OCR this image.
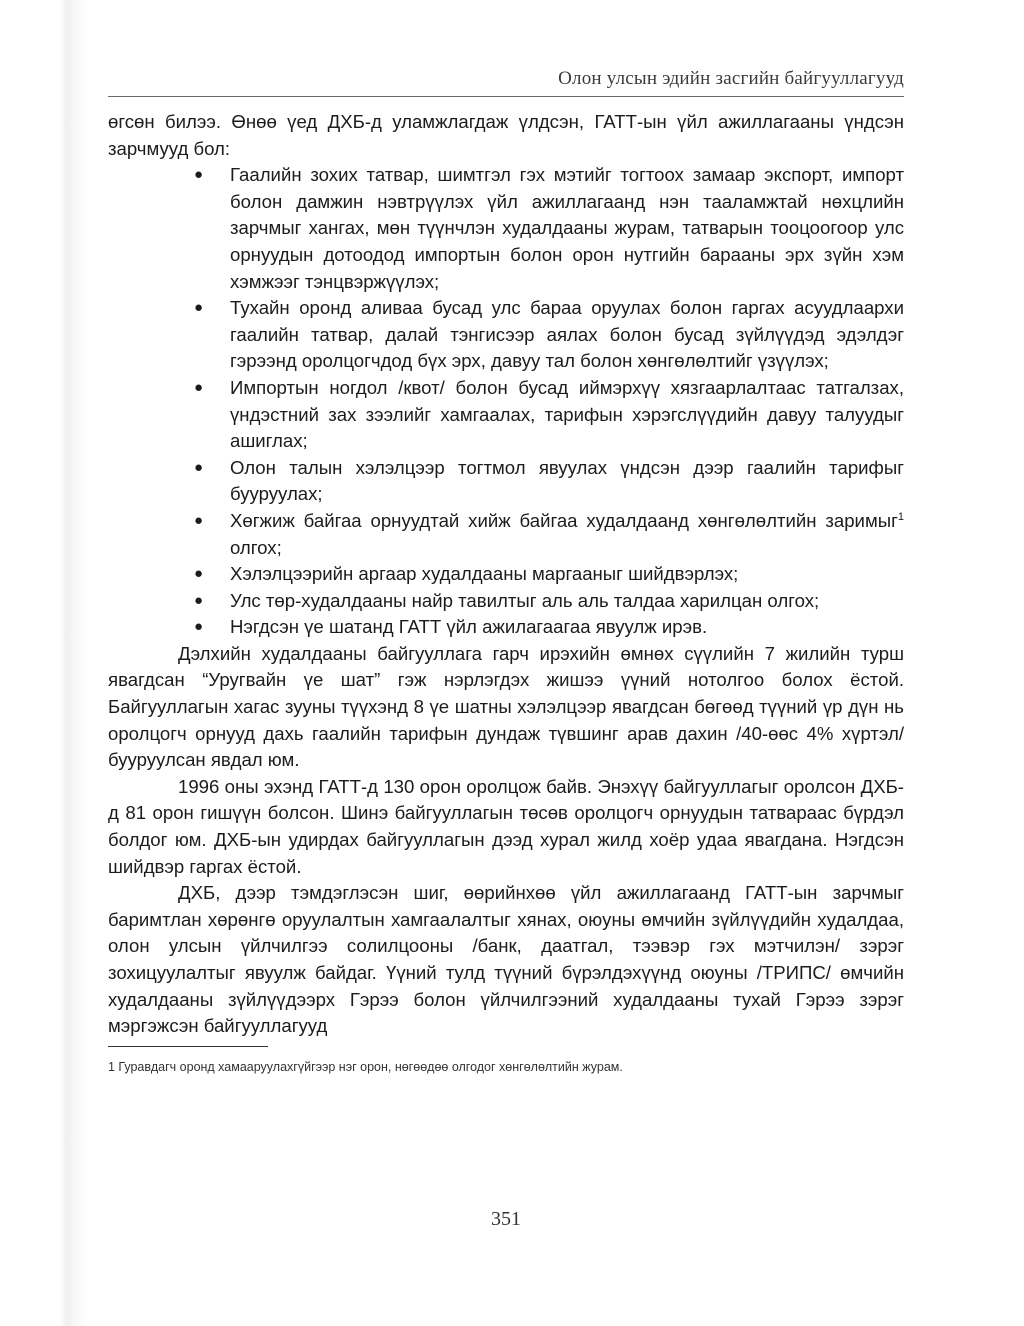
Олон улсын эдийн засгийн байгууллагууд

өгсөн билээ. Өнөө үед ДХБ-д уламжлагдаж үлдсэн, ГАТТ-ын үйл ажиллагааны үндсэн зарчмууд бол:

● Гаалийн зохих татвар, шимтгэл гэх мэтийг тогтоох замаар экспорт, импорт болон дамжин нэвтрүүлэх үйл ажиллагаанд нэн тааламжтай нөхцлийн зарчмыг хангах, мөн түүнчлэн худалдааны журам, татварын тооцоогоор улс орнуудын дотоодод импортын болон орон нутгийн барааны эрх зүйн хэм хэмжээг тэнцвэржүүлэх;
● Тухайн оронд аливаа бусад улс бараа оруулах болон гаргах асуудлаархи гаалийн татвар, далай тэнгисээр аялах болон бусад зүйлүүдэд эдэлдэг гэрээнд оролцогчдод бүх эрх, давуу тал болон хөнгөлөлтийг үзүүлэх;
● Импортын ногдол /квот/ болон бусад иймэрхүү хязгаарлалтаас татгалзах, үндэстний зах зээлийг хамгаалах, тарифын хэрэгслүүдийн давуу талуудыг ашиглах;
● Олон талын хэлэлцээр тогтмол явуулах үндсэн дээр гаалийн тарифыг бууруулах;
● Хөгжиж байгаа орнуудтай хийж байгаа худалдаанд хөнгөлөлтийн заримыг$^1$ олгох;
● Хэлэлцээрийн аргаар худалдааны маргааныг шийдвэрлэх;
● Улс төр-худалдааны найр тавилтыг аль аль талдаа харилцан олгох;
● Нэгдсэн үе шатанд ГАТТ үйл ажилагаагаа явуулж ирэв.

Дэлхийн худалдааны байгууллага гарч ирэхийн өмнөх сүүлийн 7 жилийн турш явагдсан “Уругвайн үе шат” гэж нэрлэгдэх жишээ үүний нотолгоо болох ёстой. Байгууллагын хагас зууны түүхэнд 8 үе шатны хэлэлцээр явагдсан бөгөөд түүний үр дүн нь оролцогч орнууд дахь гаалийн тарифын дундаж түвшинг арав дахин /40-өөс 4% хүртэл/ бууруулсан явдал юм.

1996 оны эхэнд ГАТТ-д 130 орон оролцож байв. Энэхүү байгууллагыг оролсон ДХБ-д 81 орон гишүүн болсон. Шинэ байгууллагын төсөв оролцогч орнуудын татвараас бүрдэл болдог юм. ДХБ-ын удирдах байгууллагын дээд хурал жилд хоёр удаа явагдана. Нэгдсэн шийдвэр гаргах ёстой.

ДХБ, дээр тэмдэглэсэн шиг, өөрийнхөө үйл ажиллагаанд ГАТТ-ын зарчмыг баримтлан хөрөнгө оруулалтын хамгаалалтыг хянах, оюуны өмчийн зүйлүүдийн худалдаа, олон улсын үйлчилгээ солилцооны /банк, даатгал, тээвэр гэх мэтчилэн/ зэрэг зохицуулалтыг явуулж байдаг. Үүний тулд түүний бүрэлдэхүүнд оюуны /ТРИПС/ өмчийн худалдааны зүйлүүдээрх Гэрээ болон үйлчилгээний худалдааны тухай Гэрээ зэрэг мэргэжсэн байгууллагууд

1 Гуравдагч оронд хамааруулахгүйгээр нэг орон, нөгөөдөө олгодог хөнгөлөлтийн журам.
351
